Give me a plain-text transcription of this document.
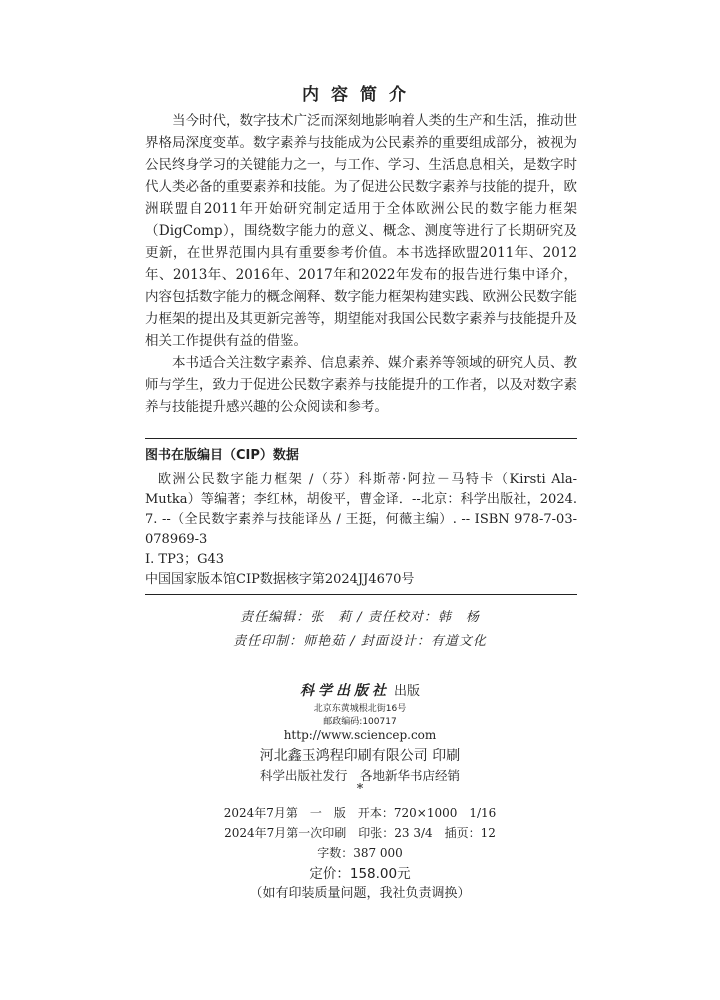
内容简介

当今时代，数字技术广泛而深刻地影响着人类的生产和生活，推动世界格局深度变革。数字素养与技能成为公民素养的重要组成部分，被视为公民终身学习的关键能力之一，与工作、学习、生活息息相关，是数字时代人类必备的重要素养和技能。为了促进公民数字素养与技能的提升，欧洲联盟自2011年开始研究制定适用于全体欧洲公民的数字能力框架（DigComp），围绕数字能力的意义、概念、测度等进行了长期研究及更新，在世界范围内具有重要参考价值。本书选择欧盟2011年、2012年、2013年、2016年、2017年和2022年发布的报告进行集中译介，内容包括数字能力的概念阐释、数字能力框架构建实践、欧洲公民数字能力框架的提出及其更新完善等，期望能对我国公民数字素养与技能提升及相关工作提供有益的借鉴。

本书适合关注数字素养、信息素养、媒介素养等领域的研究人员、教师与学生，致力于促进公民数字素养与技能提升的工作者，以及对数字素养与技能提升感兴趣的公众阅读和参考。

图书在版编目（CIP）数据
欧洲公民数字能力框架 /（芬）科斯蒂·阿拉－马特卡（Kirsti Ala-Mutka）等编著；李红林，胡俊平，曹金译．--北京：科学出版社，2024. 7. --（全民数字素养与技能译丛 / 王挺，何薇主编）. -- ISBN 978-7-03-078969-3
Ⅰ. TP3；G43
中国国家版本馆CIP数据核字第2024JJ4670号
责任编辑：张　莉 / 责任校对：韩　杨
责任印制：师艳茹 / 封面设计：有道文化
科学出版社 出版
北京东黄城根北街16号
邮政编码:100717
http://www.sciencep.com
河北鑫玉鸿程印刷有限公司 印刷
科学出版社发行　各地新华书店经销
*
2024年7月第　一　版　开本：720×1000　1/16
2024年7月第一次印刷　印张：23 3/4　插页：12
字数：387 000
定价：158.00元
（如有印装质量问题，我社负责调换）
